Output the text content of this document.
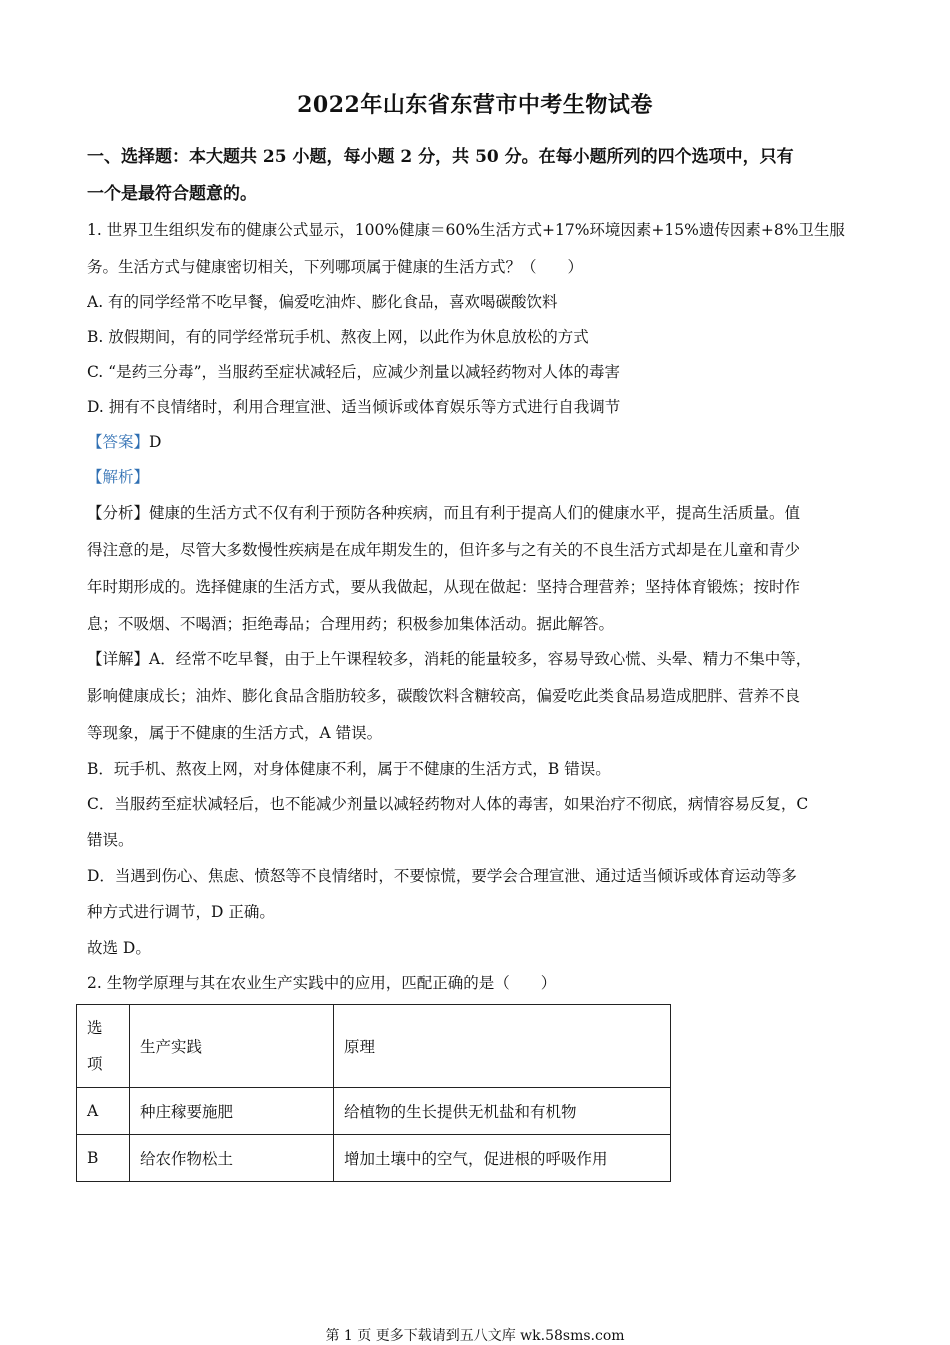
2022年山东省东营市中考生物试卷
一、选择题：本大题共 25 小题，每小题 2 分，共 50 分。在每小题所列的四个选项中，只有
一个是最符合题意的。
1. 世界卫生组织发布的健康公式显示，100%健康＝60%生活方式+17%环境因素+15%遗传因素+8%卫生服
务。生活方式与健康密切相关，下列哪项属于健康的生活方式？（　　）
A. 有的同学经常不吃早餐，偏爱吃油炸、膨化食品，喜欢喝碳酸饮料
B. 放假期间，有的同学经常玩手机、熬夜上网，以此作为休息放松的方式
C. “是药三分毒”，当服药至症状减轻后，应减少剂量以减轻药物对人体的毒害
D. 拥有不良情绪时，利用合理宣泄、适当倾诉或体育娱乐等方式进行自我调节
【答案】D
【解析】
【分析】健康的生活方式不仅有利于预防各种疾病，而且有利于提高人们的健康水平，提高生活质量。值
得注意的是，尽管大多数慢性疾病是在成年期发生的，但许多与之有关的不良生活方式却是在儿童和青少
年时期形成的。选择健康的生活方式，要从我做起，从现在做起：坚持合理营养；坚持体育锻炼；按时作
息；不吸烟、不喝酒；拒绝毒品；合理用药；积极参加集体活动。据此解答。
【详解】A．经常不吃早餐，由于上午课程较多，消耗的能量较多，容易导致心慌、头晕、精力不集中等，
影响健康成长；油炸、膨化食品含脂肪较多，碳酸饮料含糖较高，偏爱吃此类食品易造成肥胖、营养不良
等现象，属于不健康的生活方式，A 错误。
B．玩手机、熬夜上网，对身体健康不利，属于不健康的生活方式，B 错误。
C．当服药至症状减轻后，也不能减少剂量以减轻药物对人体的毒害，如果治疗不彻底，病情容易反复，C
错误。
D．当遇到伤心、焦虑、愤怒等不良情绪时，不要惊慌，要学会合理宣泄、通过适当倾诉或体育运动等多
种方式进行调节，D 正确。
故选 D。
2. 生物学原理与其在农业生产实践中的应用，匹配正确的是（　　）
选
项	生产实践	原理
A	种庄稼要施肥	给植物的生长提供无机盐和有机物
B	给农作物松土	增加土壤中的空气，促进根的呼吸作用
第 1 页 更多下载请到五八文库 wk.58sms.com
